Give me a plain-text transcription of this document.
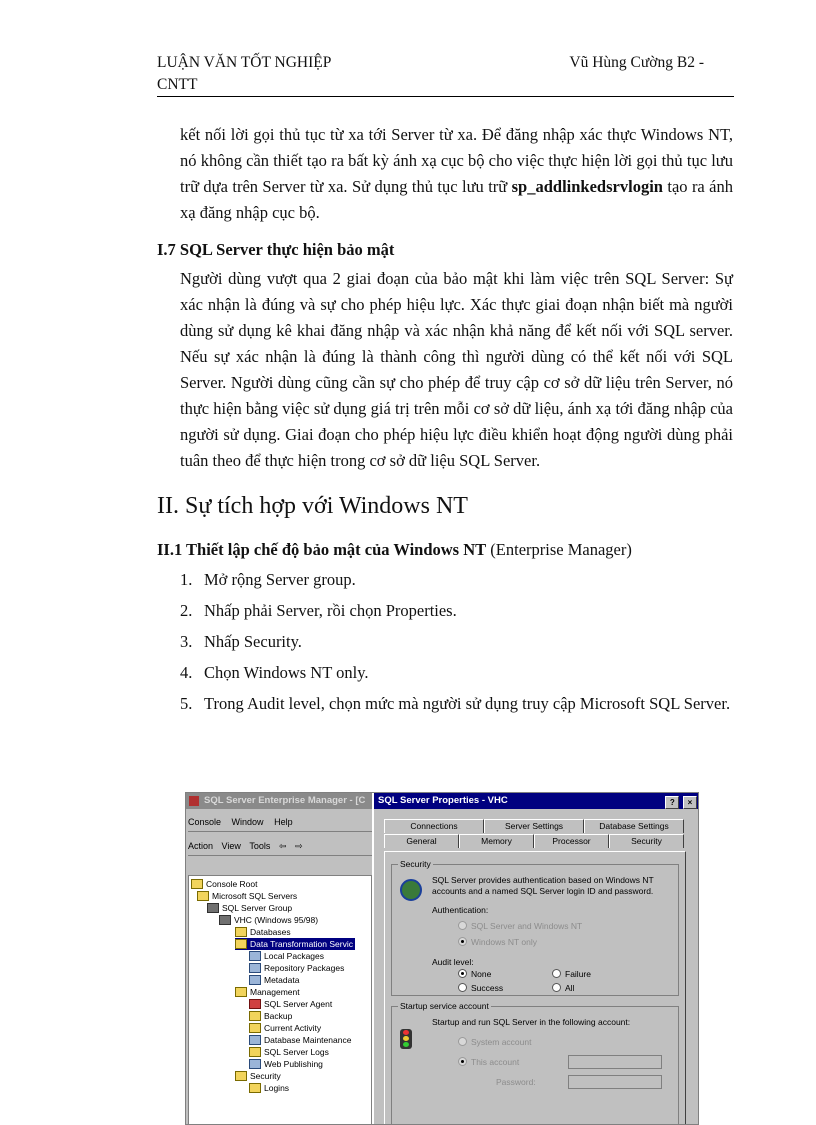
LUẬN VĂN TỐT NGHIỆP
CNTT
Vũ Hùng Cường B2 -
kết nối lời gọi thủ tục từ xa tới Server từ xa. Để đăng nhập xác thực Windows NT, nó không cần thiết tạo ra bất kỳ ánh xạ cục bộ cho việc thực hiện lời gọi thủ tục lưu trữ dựa trên Server từ xa. Sử dụng thủ tục lưu trữ sp_addlinkedsrvlogin tạo ra ánh xạ đăng nhập cục bộ.
I.7 SQL Server thực hiện bảo mật
Người dùng vượt qua 2 giai đoạn của bảo mật khi làm việc trên SQL Server: Sự xác nhận là đúng và sự cho phép hiệu lực. Xác thực giai đoạn nhận biết mà người dùng sử dụng kê khai đăng nhập và xác nhận khả năng để kết nối với SQL server. Nếu sự xác nhận là đúng là thành công thì người dùng có thể kết nối với SQL Server. Người dùng cũng cần sự cho phép để truy cập cơ sở dữ liệu trên Server, nó thực hiện bằng việc sử dụng giá trị trên mỗi cơ sở dữ liệu, ánh xạ tới đăng nhập của người sử dụng. Giai đoạn cho phép hiệu lực điều khiển hoạt động người dùng phải tuân theo để thực hiện trong cơ sở dữ liệu SQL Server.
II. Sự tích hợp với Windows NT
II.1 Thiết lập chế độ bảo mật của Windows NT (Enterprise Manager)
1. Mở rộng Server group.
2. Nhấp phải Server, rồi chọn Properties.
3. Nhấp Security.
4. Chọn Windows NT only.
5. Trong Audit level, chọn mức mà người sử dụng truy cập Microsoft SQL Server.
SQL Server Enterprise Manager - [C
Console Window Help
Action View Tools ⇦ ⇨
Console Root
Microsoft SQL Servers
SQL Server Group
VHC (Windows 95/98)
Databases
Data Transformation Servic
Local Packages
Repository Packages
Metadata
Management
SQL Server Agent
Backup
Current Activity
Database Maintenance
SQL Server Logs
Web Publishing
Security
Logins
SQL Server Properties - VHC	? ×
Connections	Server Settings	Database Settings
General	Memory	Processor	Security
Security
SQL Server provides authentication based on Windows NT accounts and a named SQL Server login ID and password.
Authentication:
SQL Server and Windows NT
Windows NT only
Audit level:
None	Failure
Success	All
Startup service account
Startup and run SQL Server in the following account:
System account
This account
Password:
